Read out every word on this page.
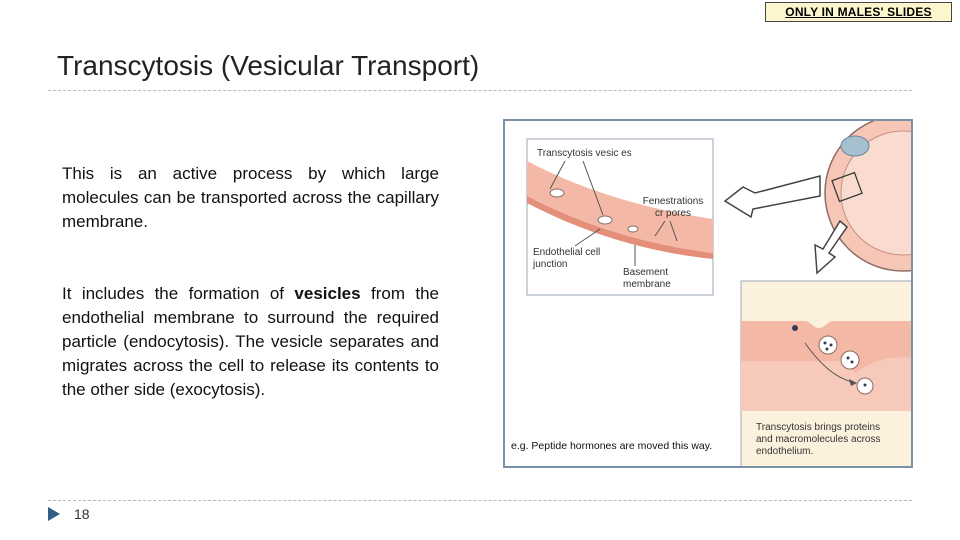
ONLY IN MALES' SLIDES
Transcytosis (Vesicular Transport)
This is an active process by which large molecules can be transported across the capillary membrane.
It includes the formation of vesicles from the endothelial membrane to surround the required particle (endocytosis). The vesicle separates and migrates across the cell to release its contents to the other side (exocytosis).
Transcytosis vesic es
Fenestrations
cr pores
Endothelial cell
junction
Basement
membrane
Transcytosis brings proteins
and macromolecules across
endothelium.
e.g. Peptide hormones are moved this way.
18
